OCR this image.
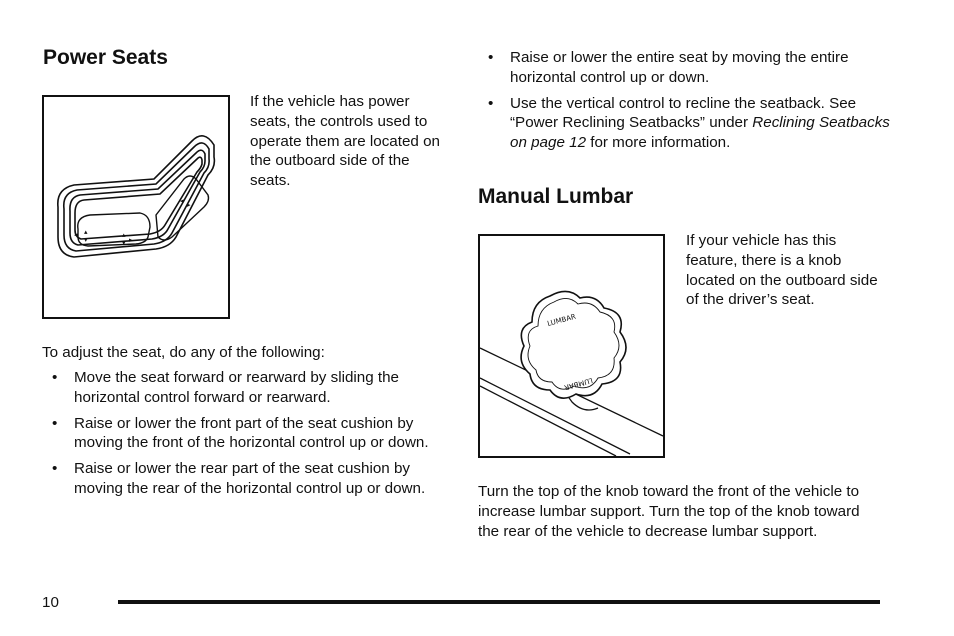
Power Seats
◂ ▴
▾
▴
▾ ▸
◂ ▸
If the vehicle has power seats, the controls used to operate them are located on the outboard side of the seats.
To adjust the seat, do any of the following:
• Move the seat forward or rearward by sliding the horizontal control forward or rearward.
• Raise or lower the front part of the seat cushion by moving the front of the horizontal control up or down.
• Raise or lower the rear part of the seat cushion by moving the rear of the horizontal control up or down.
• Raise or lower the entire seat by moving the entire horizontal control up or down.
• Use the vertical control to recline the seatback. See “Power Reclining Seatbacks” under Reclining Seatbacks on page 12 for more information.
Manual Lumbar
LUMBAR
LUMBAR
If your vehicle has this feature, there is a knob located on the outboard side of the driver’s seat.
Turn the top of the knob toward the front of the vehicle to increase lumbar support. Turn the top of the knob toward the rear of the vehicle to decrease lumbar support.
10
